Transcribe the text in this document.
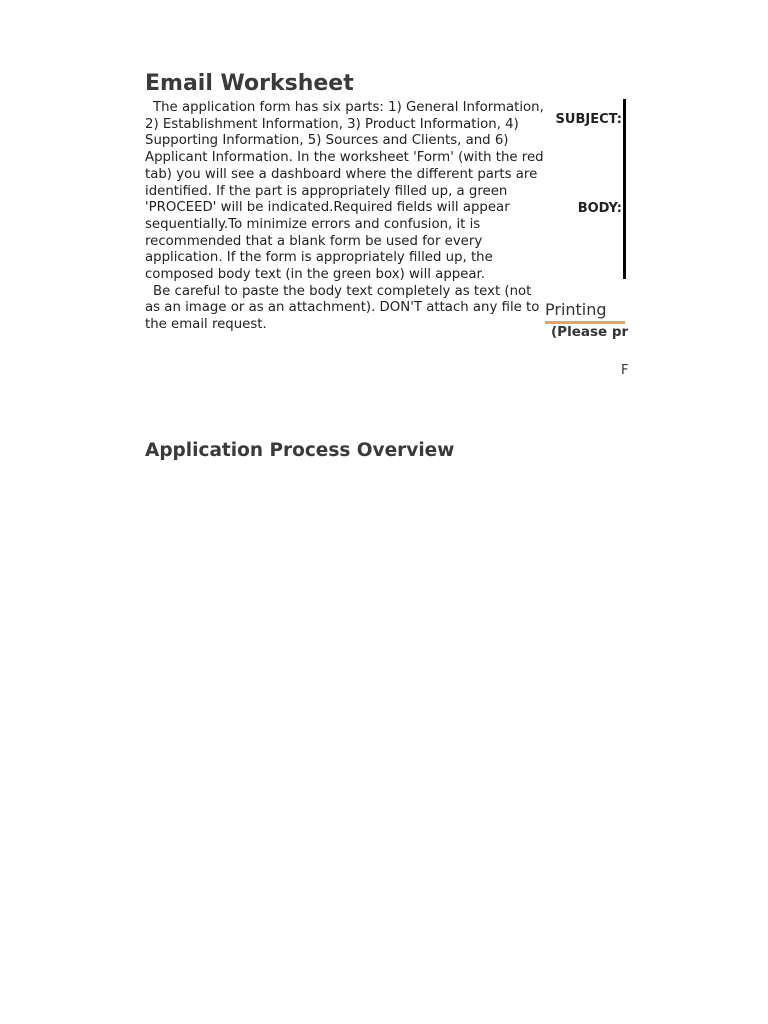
Email Worksheet

The application form has six parts: 1) General Information, 2) Establishment Information, 3) Product Information, 4) Supporting Information, 5) Sources and Clients, and 6) Applicant Information. In the worksheet 'Form' (with the red tab) you will see a dashboard where the different parts are identified. If the part is appropriately filled up, a green 'PROCEED' will be indicated.Required fields will appear sequentially.To minimize errors and confusion, it is recommended that a blank form be used for every application. If the form is appropriately filled up, the composed body text (in the green box) will appear.

Be careful to paste the body text completely as text (not as an image or as an attachment). DON'T attach any file to the email request.

SUBJECT:
BODY:
Printing
(Please pr
F
Application Process Overview
